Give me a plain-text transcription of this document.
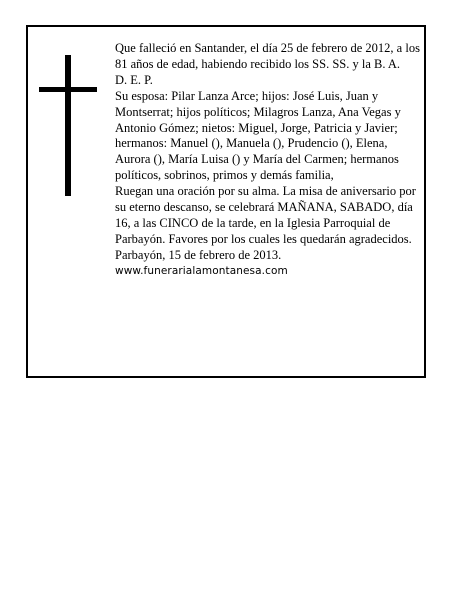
Que falleció en Santander, el día 25 de febrero de 2012, a los 81 años de edad, habiendo recibido los SS. SS. y la B. A.

D. E. P.

Su esposa: Pilar Lanza Arce; hijos: José Luis, Juan y Montserrat; hijos políticos; Milagros Lanza, Ana Vegas y Antonio Gómez; nietos: Miguel, Jorge, Patricia y Javier; hermanos: Manuel (), Manuela (), Prudencio (), Elena, Aurora (), María Luisa () y María del Carmen; hermanos políticos, sobrinos, primos y demás familia,

Ruegan una oración por su alma. La misa de aniversario por su eterno descanso, se celebrará MAÑANA, SABADO, día 16, a las CINCO de la tarde, en la Iglesia Parroquial de Parbayón. Favores por los cuales les quedarán agradecidos.

Parbayón, 15 de febrero de 2013.

www.funerarialamontanesa.com
